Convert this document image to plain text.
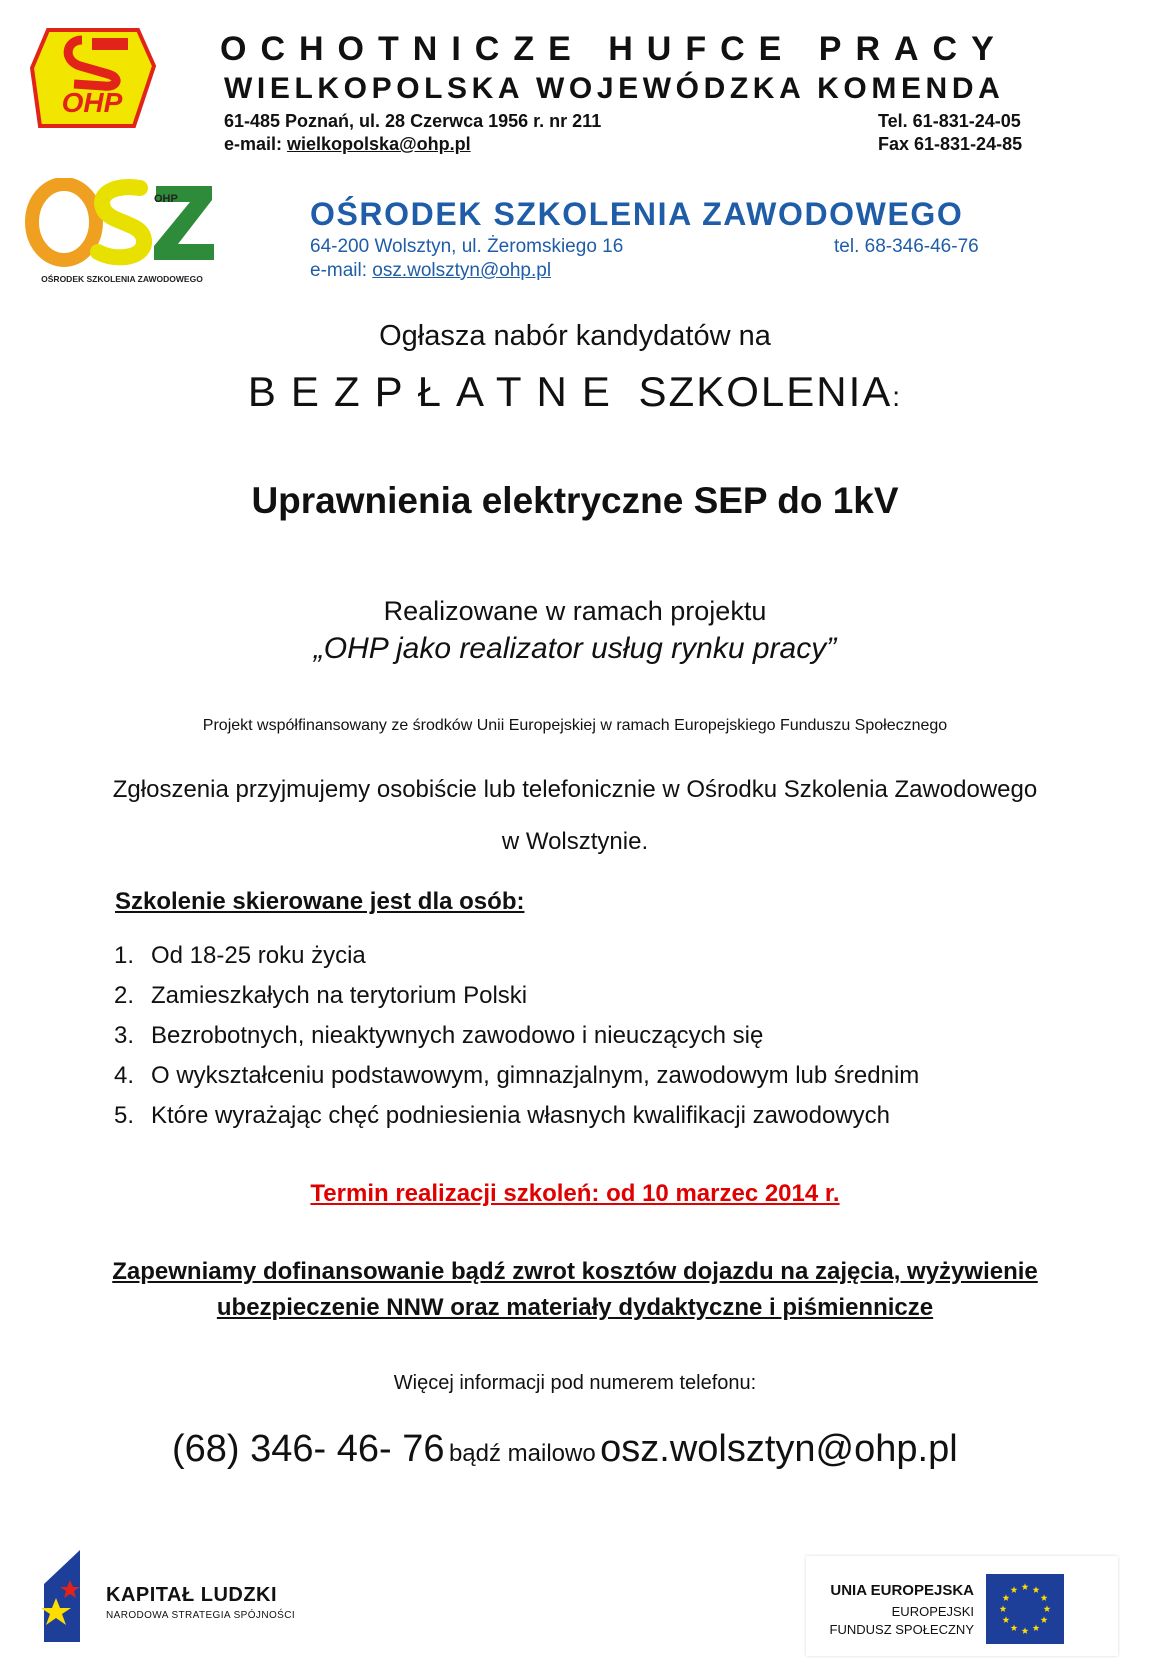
OHP
OCHOTNICZE HUFCE PRACY
WIELKOPOLSKA WOJEWÓDZKA KOMENDA
61-485 Poznań, ul. 28 Czerwca 1956 r. nr 211
e-mail: wielkopolska@ohp.pl
Tel. 61-831-24-05
Fax 61-831-24-85
OHP
OŚRODEK SZKOLENIA ZAWODOWEGO
OŚRODEK SZKOLENIA ZAWODOWEGO
64-200 Wolsztyn, ul. Żeromskiego 16	tel. 68-346-46-76
e-mail: osz.wolsztyn@ohp.pl
Ogłasza nabór kandydatów na
BEZPŁATNE SZKOLENIA:
Uprawnienia elektryczne SEP do 1kV
Realizowane w ramach projektu
„OHP jako realizator usług rynku pracy”
Projekt współfinansowany ze środków Unii Europejskiej w ramach Europejskiego Funduszu Społecznego
Zgłoszenia przyjmujemy osobiście lub telefonicznie w Ośrodku Szkolenia Zawodowego
w Wolsztynie.
Szkolenie skierowane jest dla osób:
1. Od 18-25 roku życia
2. Zamieszkałych na terytorium Polski
3. Bezrobotnych, nieaktywnych zawodowo i nieuczących się
4. O wykształceniu podstawowym, gimnazjalnym, zawodowym lub średnim
5. Które wyrażając chęć podniesienia własnych kwalifikacji zawodowych
Termin realizacji szkoleń: od 10 marzec 2014 r.
Zapewniamy dofinansowanie bądź zwrot kosztów dojazdu na zajęcia, wyżywienie
ubezpieczenie NNW oraz materiały dydaktyczne i piśmiennicze
Więcej informacji pod numerem telefonu:
(68) 346- 46- 76 bądź mailowo osz.wolsztyn@ohp.pl
KAPITAŁ LUDZKI
NARODOWA STRATEGIA SPÓJNOŚCI
UNIA EUROPEJSKA
EUROPEJSKI
FUNDUSZ SPOŁECZNY
